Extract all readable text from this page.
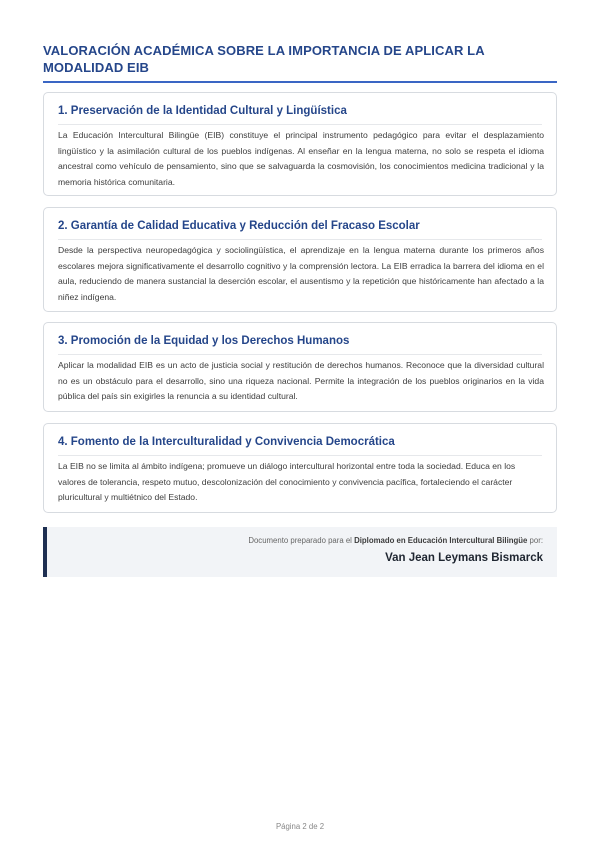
VALORACIÓN ACADÉMICA SOBRE LA IMPORTANCIA DE APLICAR LA MODALIDAD EIB
1. Preservación de la Identidad Cultural y Lingüística

La Educación Intercultural Bilingüe (EIB) constituye el principal instrumento pedagógico para evitar el desplazamiento lingüístico y la asimilación cultural de los pueblos indígenas. Al enseñar en la lengua materna, no solo se respeta el idioma ancestral como vehículo de pensamiento, sino que se salvaguarda la cosmovisión, los conocimientos medicina tradicional y la memoria histórica comunitaria.

2. Garantía de Calidad Educativa y Reducción del Fracaso Escolar

Desde la perspectiva neuropedagógica y sociolingüística, el aprendizaje en la lengua materna durante los primeros años escolares mejora significativamente el desarrollo cognitivo y la comprensión lectora. La EIB erradica la barrera del idioma en el aula, reduciendo de manera sustancial la deserción escolar, el ausentismo y la repetición que históricamente han afectado a la niñez indígena.

3. Promoción de la Equidad y los Derechos Humanos

Aplicar la modalidad EIB es un acto de justicia social y restitución de derechos humanos. Reconoce que la diversidad cultural no es un obstáculo para el desarrollo, sino una riqueza nacional. Permite la integración de los pueblos originarios en la vida pública del país sin exigirles la renuncia a su identidad cultural.

4. Fomento de la Interculturalidad y Convivencia Democrática

La EIB no se limita al ámbito indígena; promueve un diálogo intercultural horizontal entre toda la sociedad. Educa en los valores de tolerancia, respeto mutuo, descolonización del conocimiento y convivencia pacífica, fortaleciendo el carácter pluricultural y multiétnico del Estado.

Documento preparado para el Diplomado en Educación Intercultural Bilingüe por:
Van Jean Leymans Bismarck
Página 2 de 2
